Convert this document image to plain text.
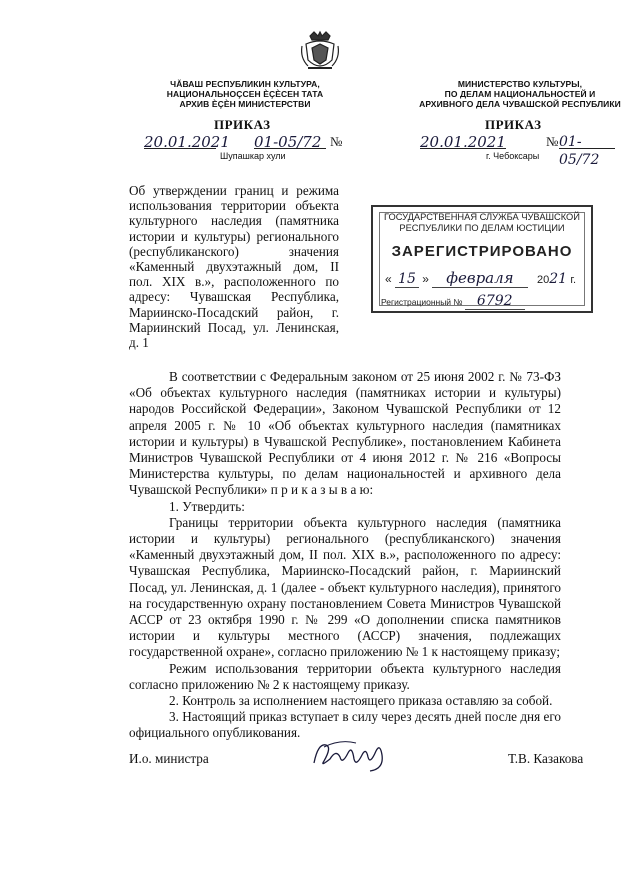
ЧӐВАШ РЕСПУБЛИКИН КУЛЬТУРА,
НАЦИОНАЛЬНОÇСЕН ÈÇÈСЕН ТАТА
АРХИВ ÈÇÈН МИНИСТЕРСТВИ
МИНИСТЕРСТВО КУЛЬТУРЫ,
ПО ДЕЛАМ НАЦИОНАЛЬНОСТЕЙ И
АРХИВНОГО ДЕЛА ЧУВАШСКОЙ РЕСПУБЛИКИ
ПРИКАЗ	ПРИКАЗ
20.01.2021 01-05/72 №
Шупашкар хули
20.01.2021	№ 01-05/72
г. Чебоксары
Об утверждении границ и режима использования территории объекта культурного наследия (памятника истории и культуры) регионального (республиканского) значения «Каменный двухэтажный дом, II пол. XIX в.», расположенного по адресу: Чувашская Республика, Мариинско-Посадский район, г. Мариинский Посад, ул. Ленинская, д. 1
ГОСУДАРСТВЕННАЯ СЛУЖБА ЧУВАШСКОЙ
РЕСПУБЛИКИ ПО ДЕЛАМ ЮСТИЦИИ
ЗАРЕГИСТРИРОВАНО
« 15 » февраля 2021 г.
Регистрационный № 6792

В соответствии с Федеральным законом от 25 июня 2002 г. № 73-ФЗ «Об объектах культурного наследия (памятниках истории и культуры) народов Российской Федерации», Законом Чувашской Республики от 12 апреля 2005 г. № 10 «Об объектах культурного наследия (памятниках истории и культуры) в Чувашской Республике», постановлением Кабинета Министров Чувашской Республики от 4 июня 2012 г. № 216 «Вопросы Министерства культуры, по делам национальностей и архивного дела Чувашской Республики» п р и к а з ы в а ю:

1. Утвердить:

Границы территории объекта культурного наследия (памятника истории и культуры) регионального (республиканского) значения «Каменный двухэтажный дом, II пол. XIX в.», расположенного по адресу: Чувашская Республика, Мариинско-Посадский район, г. Мариинский Посад, ул. Ленинская, д. 1 (далее - объект культурного наследия), принятого на государственную охрану постановлением Совета Министров Чувашской АССР от 23 октября 1990 г. № 299 «О дополнении списка памятников истории и культуры местного (АССР) значения, подлежащих государственной охране», согласно приложению № 1 к настоящему приказу;

Режим использования территории объекта культурного наследия согласно приложению № 2 к настоящему приказу.

2. Контроль за исполнением настоящего приказа оставляю за собой.

3. Настоящий приказ вступает в силу через десять дней после дня его официального опубликования.

И.о. министра	Т.В. Казакова
